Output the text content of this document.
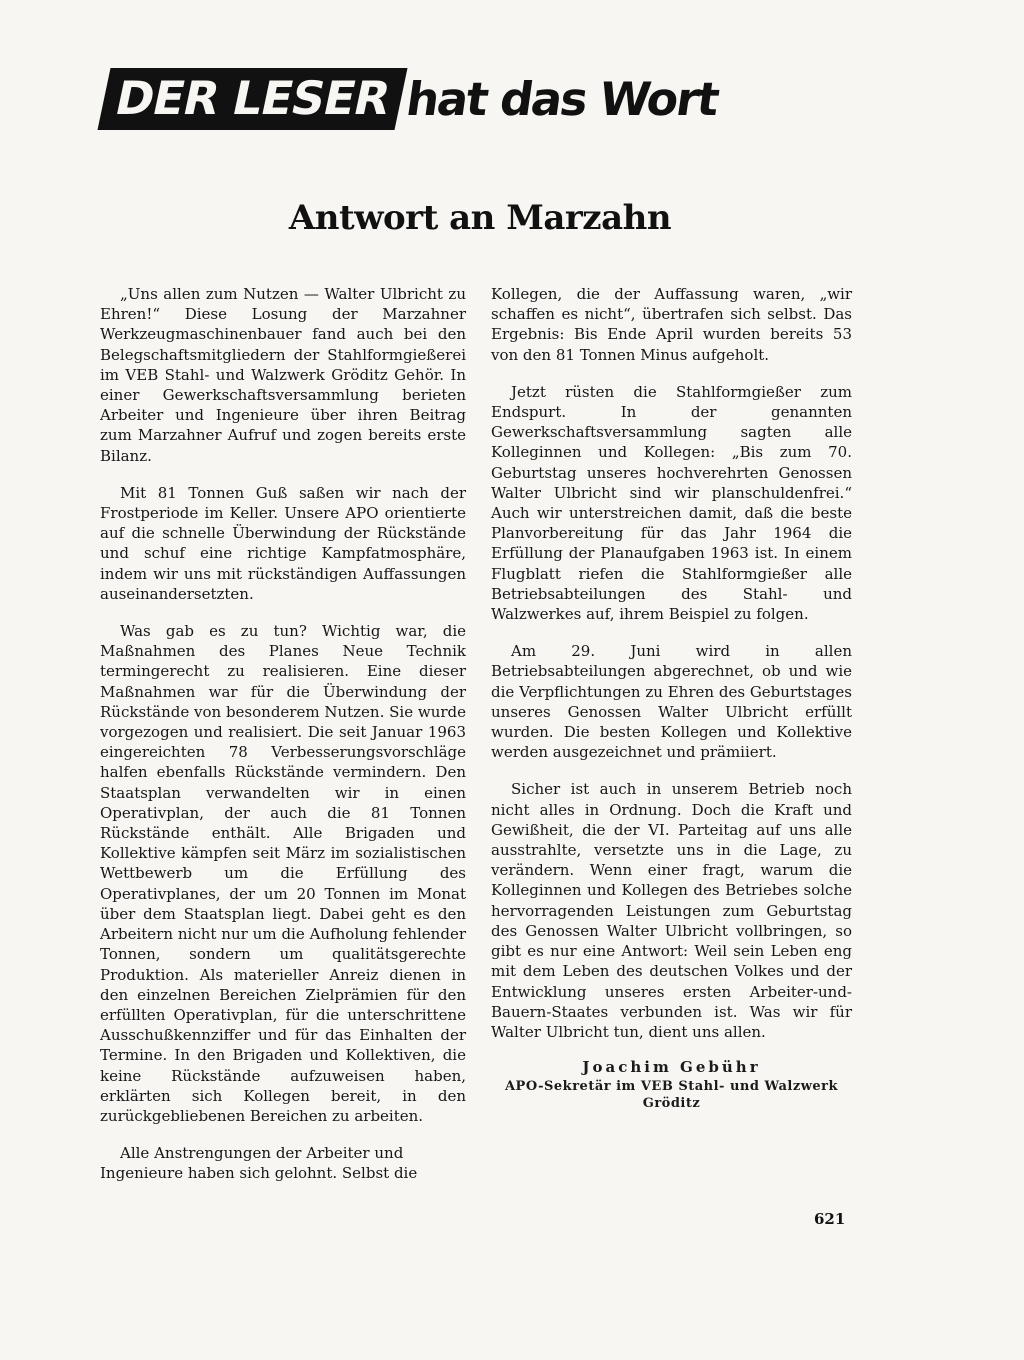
DER LESER hat das Wort
Antwort an Marzahn

„Uns allen zum Nutzen — Walter Ulbricht zu Ehren!“ Diese Losung der Marzahner Werkzeugmaschinenbauer fand auch bei den Belegschaftsmitgliedern der Stahlformgießerei im VEB Stahl- und Walzwerk Gröditz Gehör. In einer Gewerkschaftsversammlung berieten Arbeiter und Ingenieure über ihren Beitrag zum Marzahner Aufruf und zogen bereits erste Bilanz.

Mit 81 Tonnen Guß saßen wir nach der Frostperiode im Keller. Unsere APO orientierte auf die schnelle Überwindung der Rückstände und schuf eine richtige Kampfatmosphäre, indem wir uns mit rückständigen Auffassungen auseinandersetzten.

Was gab es zu tun? Wichtig war, die Maßnahmen des Planes Neue Technik termingerecht zu realisieren. Eine dieser Maßnahmen war für die Überwindung der Rückstände von besonderem Nutzen. Sie wurde vorgezogen und realisiert. Die seit Januar 1963 eingereichten 78 Verbesserungsvorschläge halfen ebenfalls Rückstände vermindern. Den Staatsplan verwandelten wir in einen Operativplan, der auch die 81 Tonnen Rückstände enthält. Alle Brigaden und Kollektive kämpfen seit März im sozialistischen Wettbewerb um die Erfüllung des Operativplanes, der um 20 Tonnen im Monat über dem Staatsplan liegt. Dabei geht es den Arbeitern nicht nur um die Aufholung fehlender Tonnen, sondern um qualitätsgerechte Produktion. Als materieller Anreiz dienen in den einzelnen Bereichen Zielprämien für den erfüllten Operativplan, für die unterschrittene Ausschußkennziffer und für das Einhalten der Termine. In den Brigaden und Kollektiven, die keine Rückstände aufzuweisen haben, erklärten sich Kollegen bereit, in den zurückgebliebenen Bereichen zu arbeiten.

Alle Anstrengungen der Arbeiter und Ingenieure haben sich gelohnt. Selbst die

Kollegen, die der Auffassung waren, „wir schaffen es nicht“, übertrafen sich selbst. Das Ergebnis: Bis Ende April wurden bereits 53 von den 81 Tonnen Minus aufgeholt.

Jetzt rüsten die Stahlformgießer zum Endspurt. In der genannten Gewerkschaftsversammlung sagten alle Kolleginnen und Kollegen: „Bis zum 70. Geburtstag unseres hochverehrten Genossen Walter Ulbricht sind wir planschuldenfrei.“ Auch wir unterstreichen damit, daß die beste Planvorbereitung für das Jahr 1964 die Erfüllung der Planaufgaben 1963 ist. In einem Flugblatt riefen die Stahlformgießer alle Betriebsabteilungen des Stahl- und Walzwerkes auf, ihrem Beispiel zu folgen.

Am 29. Juni wird in allen Betriebsabteilungen abgerechnet, ob und wie die Verpflichtungen zu Ehren des Geburtstages unseres Genossen Walter Ulbricht erfüllt wurden. Die besten Kollegen und Kollektive werden ausgezeichnet und prämiiert.

Sicher ist auch in unserem Betrieb noch nicht alles in Ordnung. Doch die Kraft und Gewißheit, die der VI. Parteitag auf uns alle ausstrahlte, versetzte uns in die Lage, zu verändern. Wenn einer fragt, warum die Kolleginnen und Kollegen des Betriebes solche hervorragenden Leistungen zum Geburtstag des Genossen Walter Ulbricht vollbringen, so gibt es nur eine Antwort: Weil sein Leben eng mit dem Leben des deutschen Volkes und der Entwicklung unseres ersten Arbeiter-und-Bauern-Staates verbunden ist. Was wir für Walter Ulbricht tun, dient uns allen.

Joachim Gebühr
APO-Sekretär im VEB Stahl- und Walzwerk
Gröditz
621
